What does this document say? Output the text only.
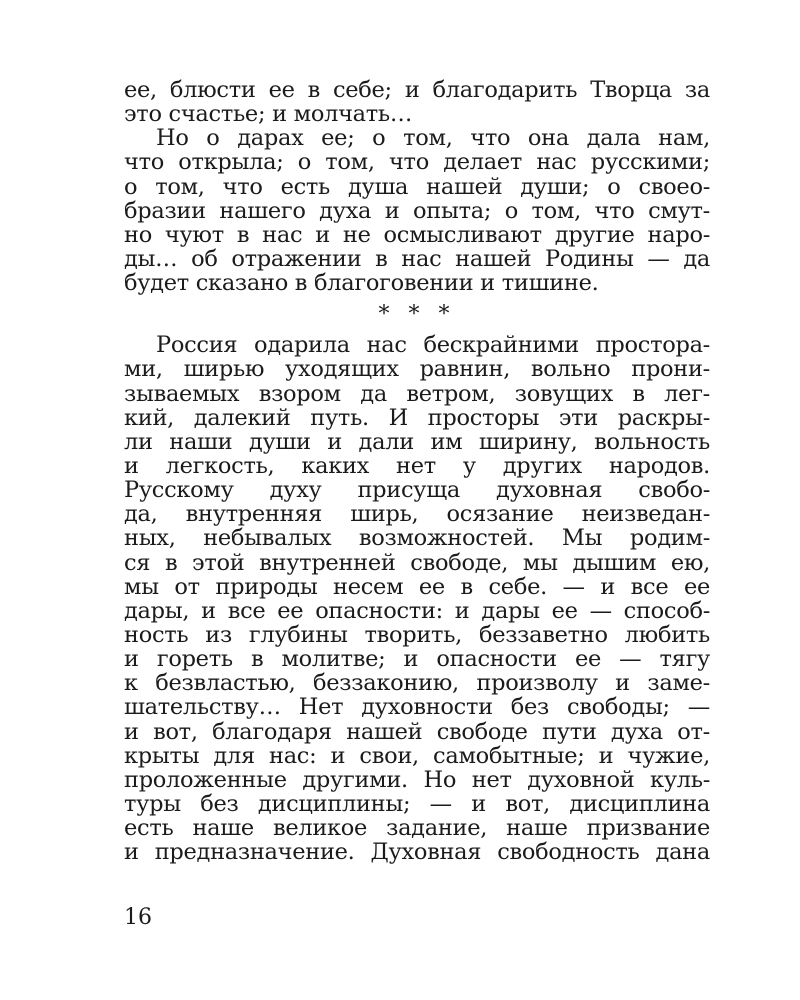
ее, блюсти ее в себе; и благодарить Творца за
это счастье; и молчать…
Но о дарах ее; о том, что она дала нам,
что открыла; о том, что делает нас русскими;
о том, что есть душа нашей души; о своео-
бразии нашего духа и опыта; о том, что смут-
но чуют в нас и не осмысливают другие наро-
ды… об отражении в нас нашей Родины — да
будет сказано в благоговении и тишине.
* * *
Россия одарила нас бескрайними простора-
ми, ширью уходящих равнин, вольно прони-
зываемых взором да ветром, зовущих в лег-
кий, далекий путь. И просторы эти раскры-
ли наши души и дали им ширину, вольность
и легкость, каких нет у других народов.
Русскому духу присуща духовная свобо-
да, внутренняя ширь, осязание неизведан-
ных, небывалых возможностей. Мы родим-
ся в этой внутренней свободе, мы дышим ею,
мы от природы несем ее в себе. — и все ее
дары, и все ее опасности: и дары ее — способ-
ность из глубины творить, беззаветно любить
и гореть в молитве; и опасности ее — тягу
к безвластью, беззаконию, произволу и заме-
шательству… Нет духовности без свободы; —
и вот, благодаря нашей свободе пути духа от-
крыты для нас: и свои, самобытные; и чужие,
проложенные другими. Но нет духовной куль-
туры без дисциплины; — и вот, дисциплина
есть наше великое задание, наше призвание
и предназначение. Духовная свободность дана
16
